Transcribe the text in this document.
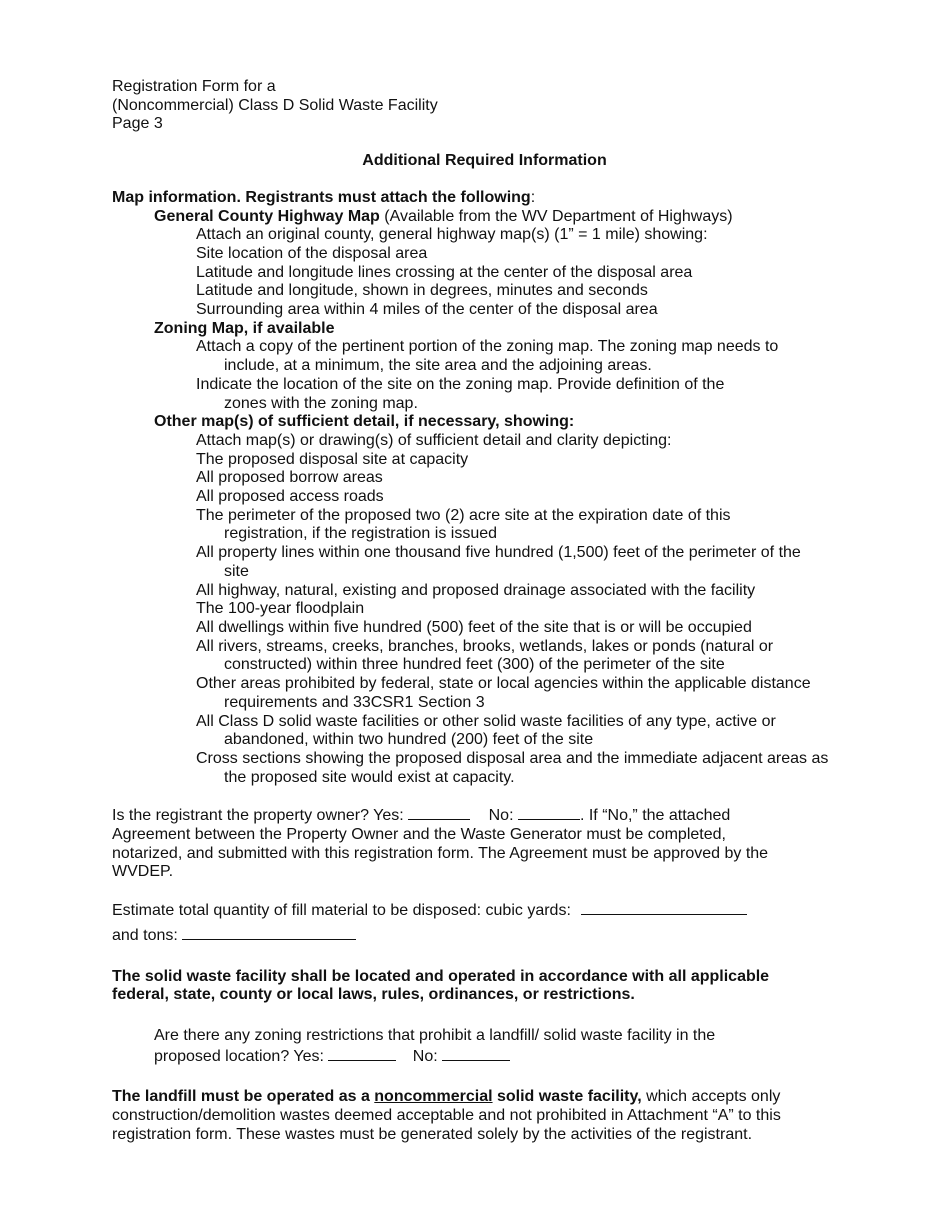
Registration Form for a
(Noncommercial) Class D Solid Waste Facility
Page 3
Additional Required Information
Map information. Registrants must attach the following:
General County Highway Map (Available from the WV Department of Highways)
Attach an original county, general highway map(s) (1” = 1 mile) showing:
Site location of the disposal area
Latitude and longitude lines crossing at the center of the disposal area
Latitude and longitude, shown in degrees, minutes and seconds
Surrounding area within 4 miles of the center of the disposal area
Zoning Map, if available
Attach a copy of the pertinent portion of the zoning map. The zoning map needs to include, at a minimum, the site area and the adjoining areas.
Indicate the location of the site on the zoning map. Provide definition of the zones with the zoning map.
Other map(s) of sufficient detail, if necessary, showing:
Attach map(s) or drawing(s) of sufficient detail and clarity depicting:
The proposed disposal site at capacity
All proposed borrow areas
All proposed access roads
The perimeter of the proposed two (2) acre site at the expiration date of this registration, if the registration is issued
All property lines within one thousand five hundred (1,500) feet of the perimeter of the site
All highway, natural, existing and proposed drainage associated with the facility
The 100-year floodplain
All dwellings within five hundred (500) feet of the site that is or will be occupied
All rivers, streams, creeks, branches, brooks, wetlands, lakes or ponds (natural or constructed) within three hundred feet (300) of the perimeter of the site
Other areas prohibited by federal, state or local agencies within the applicable distance requirements and 33CSR1 Section 3
All Class D solid waste facilities or other solid waste facilities of any type, active or abandoned, within two hundred (200) feet of the site
Cross sections showing the proposed disposal area and the immediate adjacent areas as the proposed site would exist at capacity.
Is the registrant the property owner? Yes:	No:	. If “No,” the attached
Agreement between the Property Owner and the Waste Generator must be completed, notarized, and submitted with this registration form. The Agreement must be approved by the WVDEP.
Estimate total quantity of fill material to be disposed: cubic yards:
and tons:
The solid waste facility shall be located and operated in accordance with all applicable federal, state, county or local laws, rules, ordinances, or restrictions.
Are there any zoning restrictions that prohibit a landfill/ solid waste facility in the
proposed location? Yes:	No:
The landfill must be operated as a noncommercial solid waste facility, which accepts only construction/demolition wastes deemed acceptable and not prohibited in Attachment “A” to this registration form. These wastes must be generated solely by the activities of the registrant.
